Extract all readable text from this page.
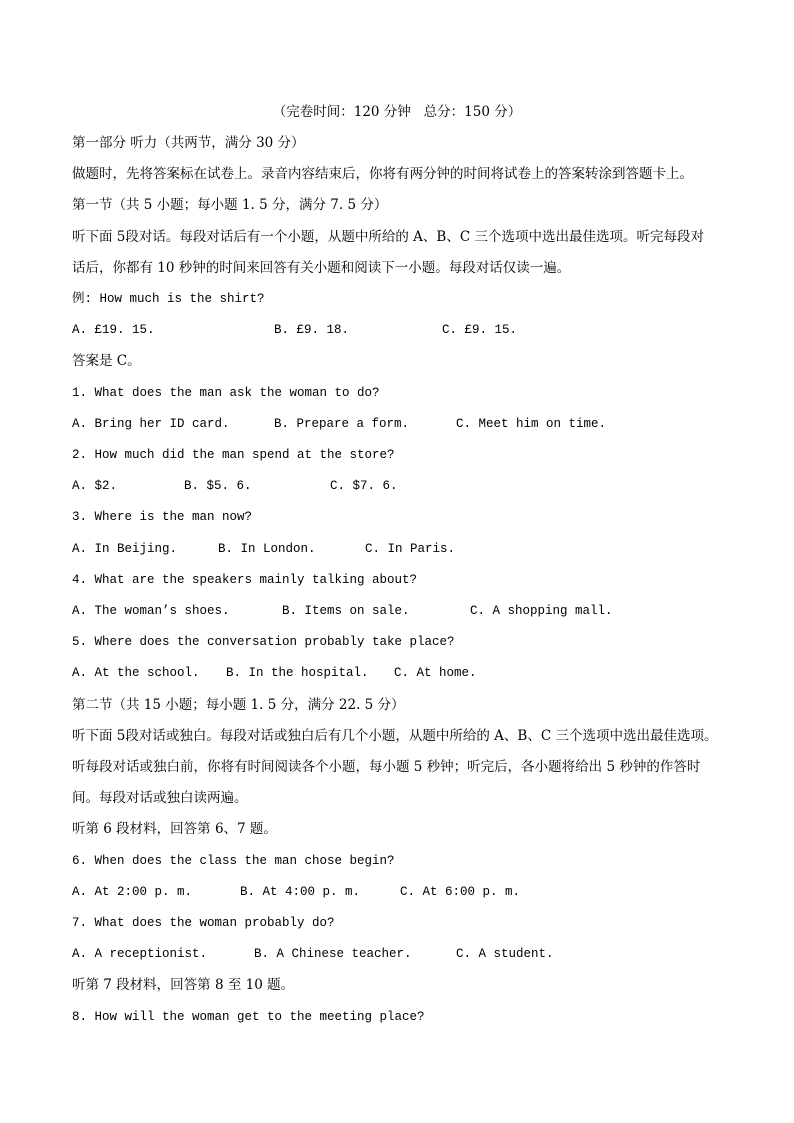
（完卷时间：120 分钟   总分：150 分）
第一部分 听力（共两节，满分 30 分）
做题时，先将答案标在试卷上。录音内容结束后，你将有两分钟的时间将试卷上的答案转涂到答题卡上。
第一节（共 5 小题；每小题 1. 5 分，满分 7. 5 分）
听下面 5段对话。每段对话后有一个小题，从题中所给的 A、B、C 三个选项中选出最佳选项。听完每段对
话后，你都有 10 秒钟的时间来回答有关小题和阅读下一小题。每段对话仅读一遍。
例: How much is the shirt?
A. £19. 15.	B. £9. 18.	C. £9. 15.
答案是 C。
1. What does the man ask the woman to do?
A. Bring her ID card.	B. Prepare a form.	C. Meet him on time.
2. How much did the man spend at the store?
A. $2.	B. $5. 6.	C. $7. 6.
3. Where is the man now?
A. In Beijing.	B. In London.	C. In Paris.
4. What are the speakers mainly talking about?
A. The woman’s shoes.	B. Items on sale.	C. A shopping mall.
5. Where does the conversation probably take place?
A. At the school. B. In the hospital. C. At home.
第二节（共 15 小题；每小题 1. 5 分，满分 22. 5 分）
听下面 5段对话或独白。每段对话或独白后有几个小题，从题中所给的 A、B、C 三个选项中选出最佳选项。
听每段对话或独白前，你将有时间阅读各个小题，每小题 5 秒钟；听完后，各小题将给出 5 秒钟的作答时
间。每段对话或独白读两遍。
听第 6 段材料，回答第 6、7 题。
6. When does the class the man chose begin?
A. At 2:00 p. m.	B. At 4:00 p. m.	C. At 6:00 p. m.
7. What does the woman probably do?
A. A receptionist.	B. A Chinese teacher.	C. A student.
听第 7 段材料，回答第 8 至 10 题。
8. How will the woman get to the meeting place?
